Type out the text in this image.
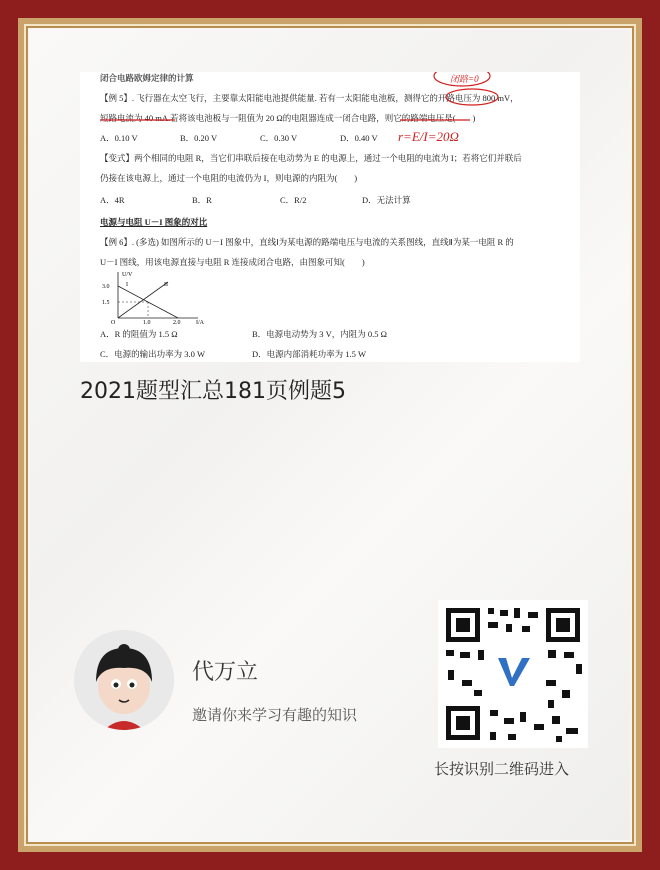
闭合电路欧姆定律的计算
【例 5】. 飞行器在太空飞行，主要靠太阳能电池提供能量. 若有一太阳能电池板，测得它的开路电压为 800 mV，
短路电流为 40 mA.若将该电池板与一阻值为 20 Ω的电阻器连成一闭合电路，则它的路端电压是(　　)
A．0.10 V	B．0.20 V	C．0.30 V	D．0.40 V
【变式】两个相同的电阻 R，当它们串联后接在电动势为 E 的电源上，通过一个电阻的电流为 I；若将它们并联后
仍接在该电源上，通过一个电阻的电流仍为 I，则电源的内阻为(　　)
A．4R	B．R	C．R/2	D．无法计算
电源与电阻 U－I 图象的对比
【例 6】. (多选) 如图所示的 U－I 图象中，直线Ⅰ为某电源的路端电压与电流的关系图线，直线Ⅱ为某一电阻 R 的
U－I 图线，用该电源直接与电阻 R 连接成闭合电路，由图象可知(　　)
U/V
I/A
3.0
1.5
1.0	2.0
O
I	II
A．R 的阻值为 1.5 Ω	B．电源电动势为 3 V，内阻为 0.5 Ω
C．电源的输出功率为 3.0 W	D．电源内部消耗功率为 1.5 W
r=E/I=20Ω
闭路=0
2021题型汇总181页例题5
代万立
邀请你来学习有趣的知识
长按识别二维码进入
